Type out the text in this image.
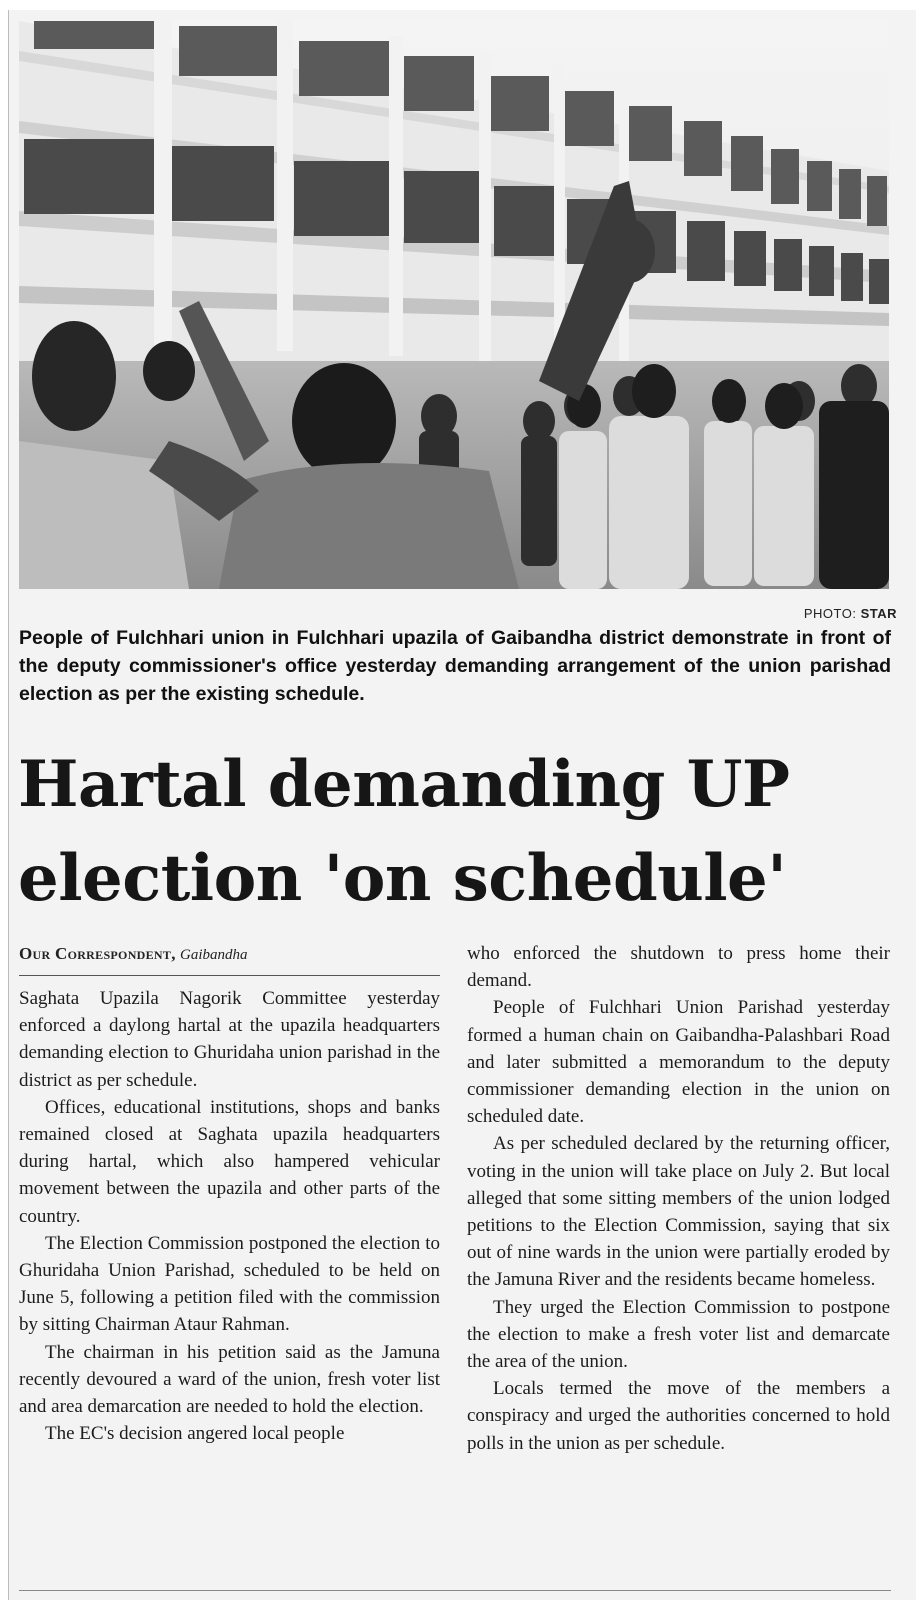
PHOTO: STAR
People of Fulchhari union in Fulchhari upazila of Gaibandha district demonstrate in front of the deputy commissioner's office yesterday demanding arrangement of the union parishad election as per the existing schedule.
Hartal demanding UP election 'on schedule'
Our Correspondent, Gaibandha

Saghata Upazila Nagorik Committee yesterday enforced a daylong hartal at the upazila headquarters demanding election to Ghuridaha union parishad in the district as per schedule.

Offices, educational institutions, shops and banks remained closed at Saghata upazila headquarters during hartal, which also hampered vehicular movement between the upazila and other parts of the country.

The Election Commission postponed the election to Ghuridaha Union Parishad, scheduled to be held on June 5, following a petition filed with the commission by sitting Chairman Ataur Rahman.

The chairman in his petition said as the Jamuna recently devoured a ward of the union, fresh voter list and area demarcation are needed to hold the election.

The EC's decision angered local people

who enforced the shutdown to press home their demand.

People of Fulchhari Union Parishad yesterday formed a human chain on Gaibandha-Palashbari Road and later submitted a memorandum to the deputy commissioner demanding election in the union on scheduled date.

As per scheduled declared by the returning officer, voting in the union will take place on July 2. But local alleged that some sitting members of the union lodged petitions to the Election Commission, saying that six out of nine wards in the union were partially eroded by the Jamuna River and the residents became homeless.

They urged the Election Commission to postpone the election to make a fresh voter list and demarcate the area of the union.

Locals termed the move of the members a conspiracy and urged the authorities concerned to hold polls in the union as per schedule.
